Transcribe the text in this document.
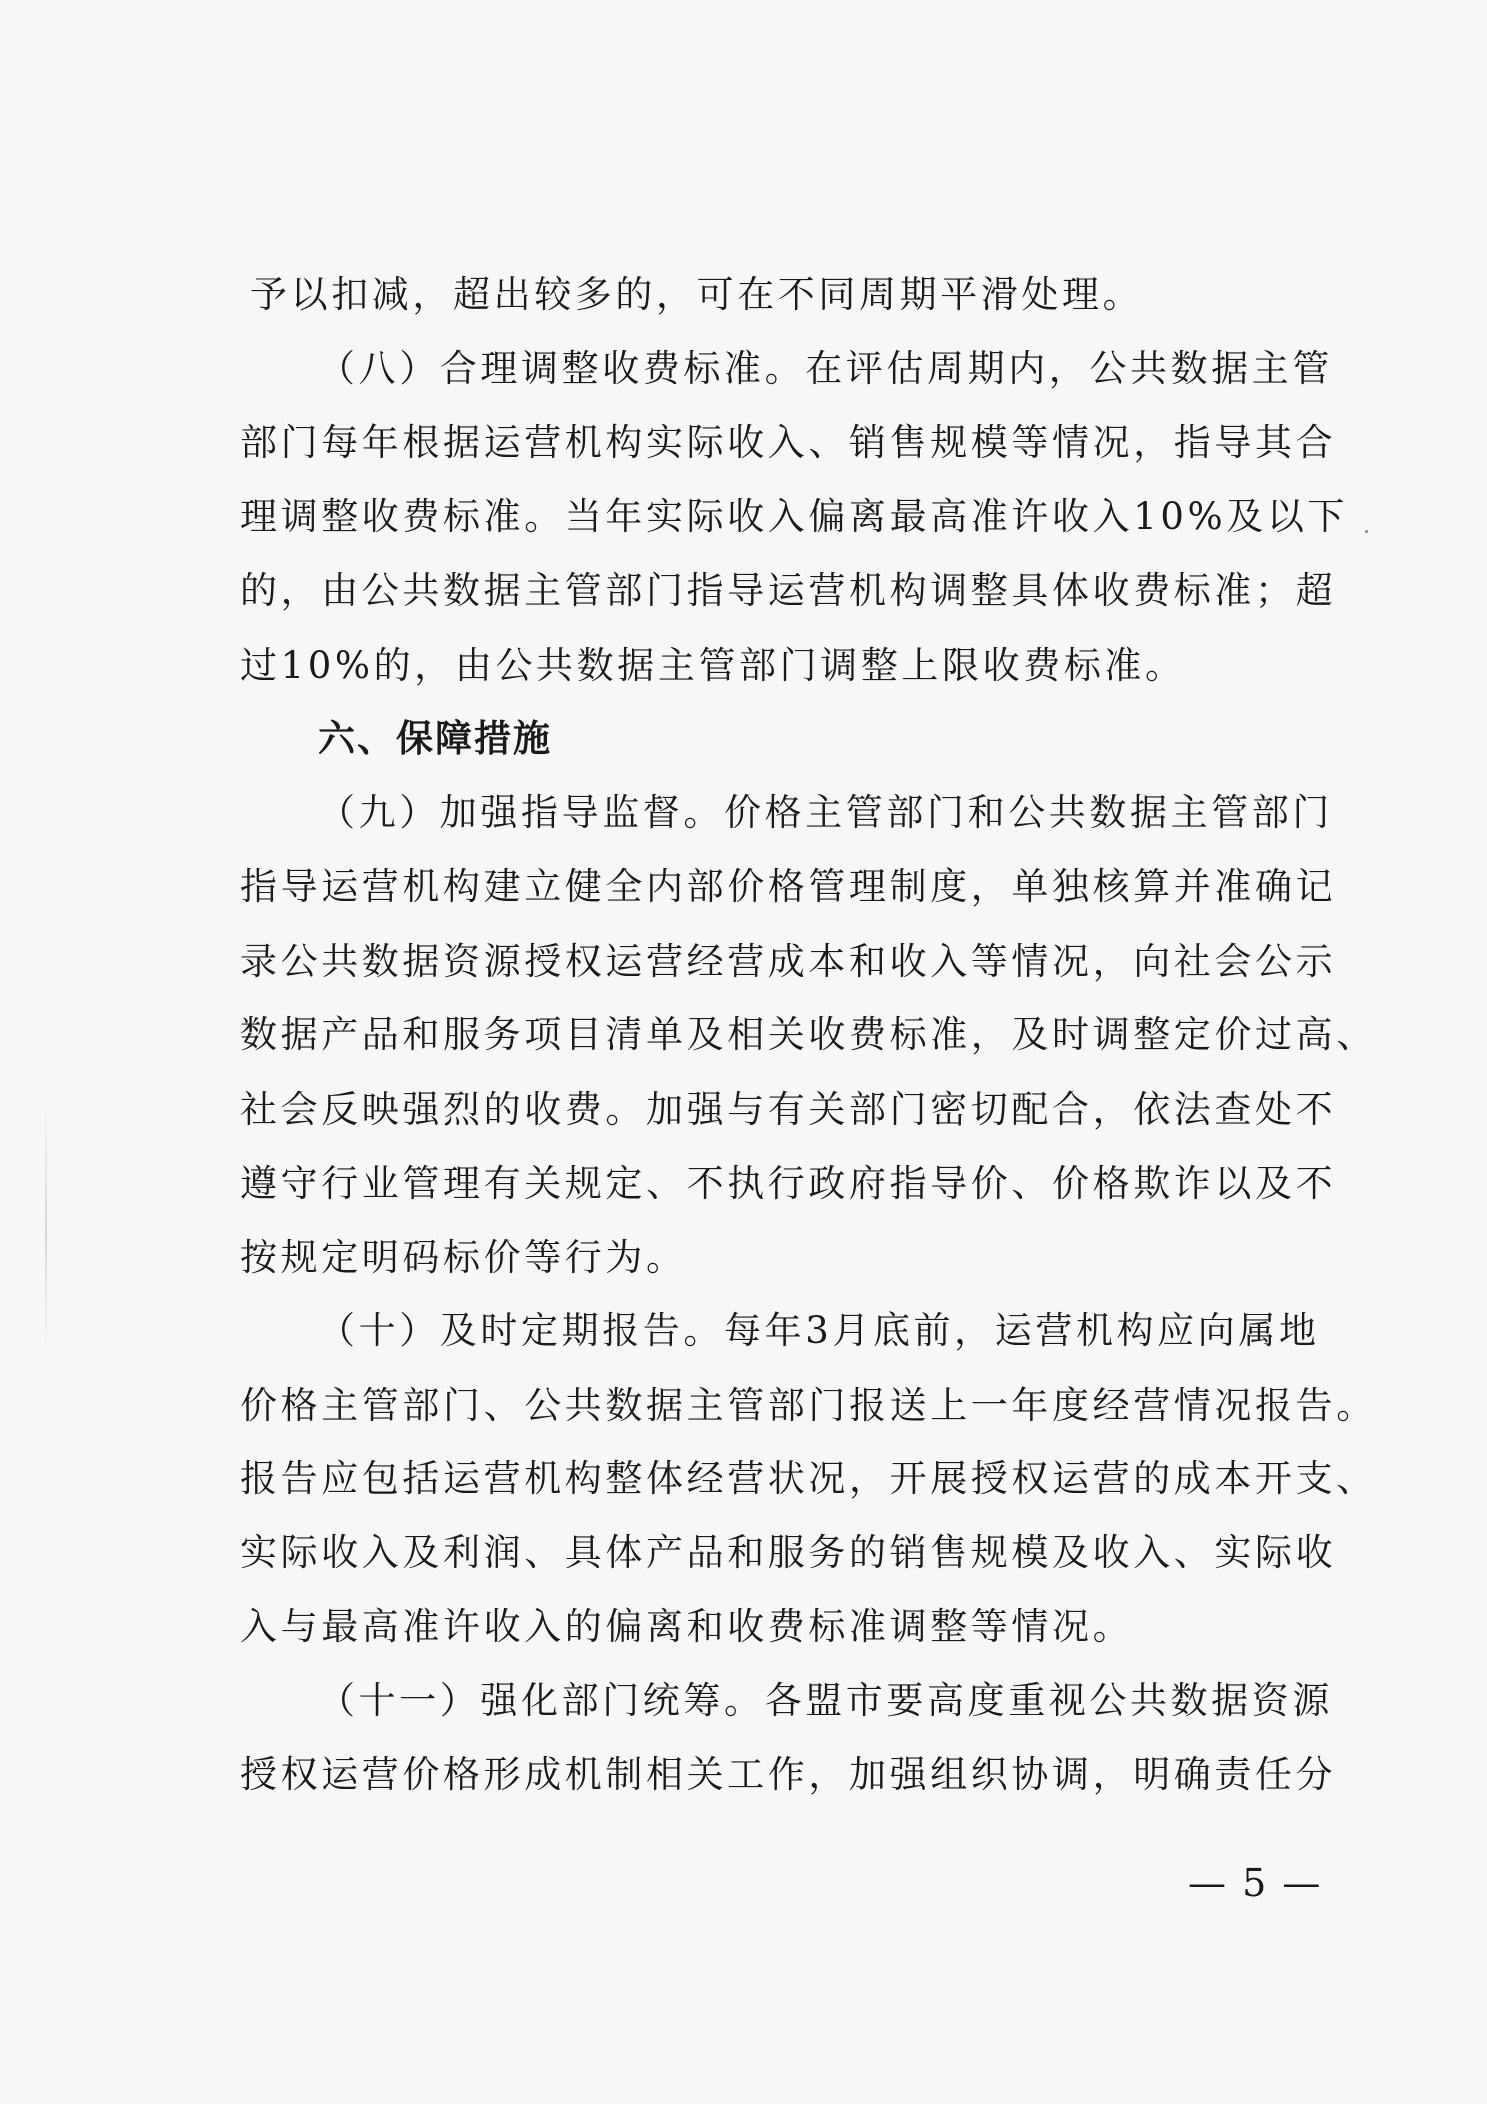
予以扣减，超出较多的，可在不同周期平滑处理。
（八）合理调整收费标准。在评估周期内，公共数据主管
部门每年根据运营机构实际收入、销售规模等情况，指导其合
理调整收费标准。当年实际收入偏离最高准许收入10%及以下
的，由公共数据主管部门指导运营机构调整具体收费标准；超
过10%的，由公共数据主管部门调整上限收费标准。
六、保障措施
（九）加强指导监督。价格主管部门和公共数据主管部门
指导运营机构建立健全内部价格管理制度，单独核算并准确记
录公共数据资源授权运营经营成本和收入等情况，向社会公示
数据产品和服务项目清单及相关收费标准，及时调整定价过高、
社会反映强烈的收费。加强与有关部门密切配合，依法查处不
遵守行业管理有关规定、不执行政府指导价、价格欺诈以及不
按规定明码标价等行为。
（十）及时定期报告。每年3月底前，运营机构应向属地
价格主管部门、公共数据主管部门报送上一年度经营情况报告。
报告应包括运营机构整体经营状况，开展授权运营的成本开支、
实际收入及利润、具体产品和服务的销售规模及收入、实际收
入与最高准许收入的偏离和收费标准调整等情况。
（十一）强化部门统筹。各盟市要高度重视公共数据资源
授权运营价格形成机制相关工作，加强组织协调，明确责任分
— 5 —
